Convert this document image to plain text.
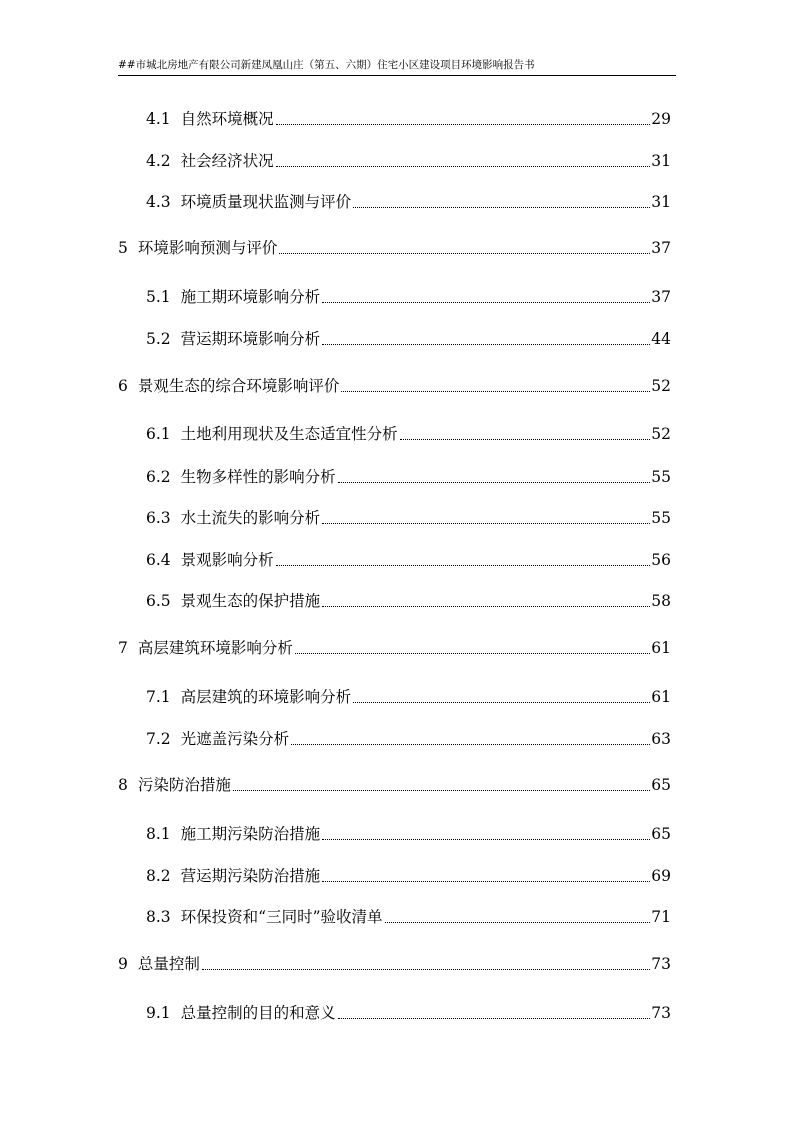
##市城北房地产有限公司新建凤凰山庄（第五、六期）住宅小区建设项目环境影响报告书
4.1 自然环境概况	29
4.2 社会经济状况	31
4.3 环境质量现状监测与评价	31
5 环境影响预测与评价	37
5.1 施工期环境影响分析	37
5.2 营运期环境影响分析	44
6 景观生态的综合环境影响评价	52
6.1 土地利用现状及生态适宜性分析	52
6.2 生物多样性的影响分析	55
6.3 水土流失的影响分析	55
6.4 景观影响分析	56
6.5 景观生态的保护措施	58
7 高层建筑环境影响分析	61
7.1 高层建筑的环境影响分析	61
7.2 光遮盖污染分析	63
8 污染防治措施	65
8.1 施工期污染防治措施	65
8.2 营运期污染防治措施	69
8.3 环保投资和“三同时”验收清单	71
9 总量控制	73
9.1 总量控制的目的和意义	73
